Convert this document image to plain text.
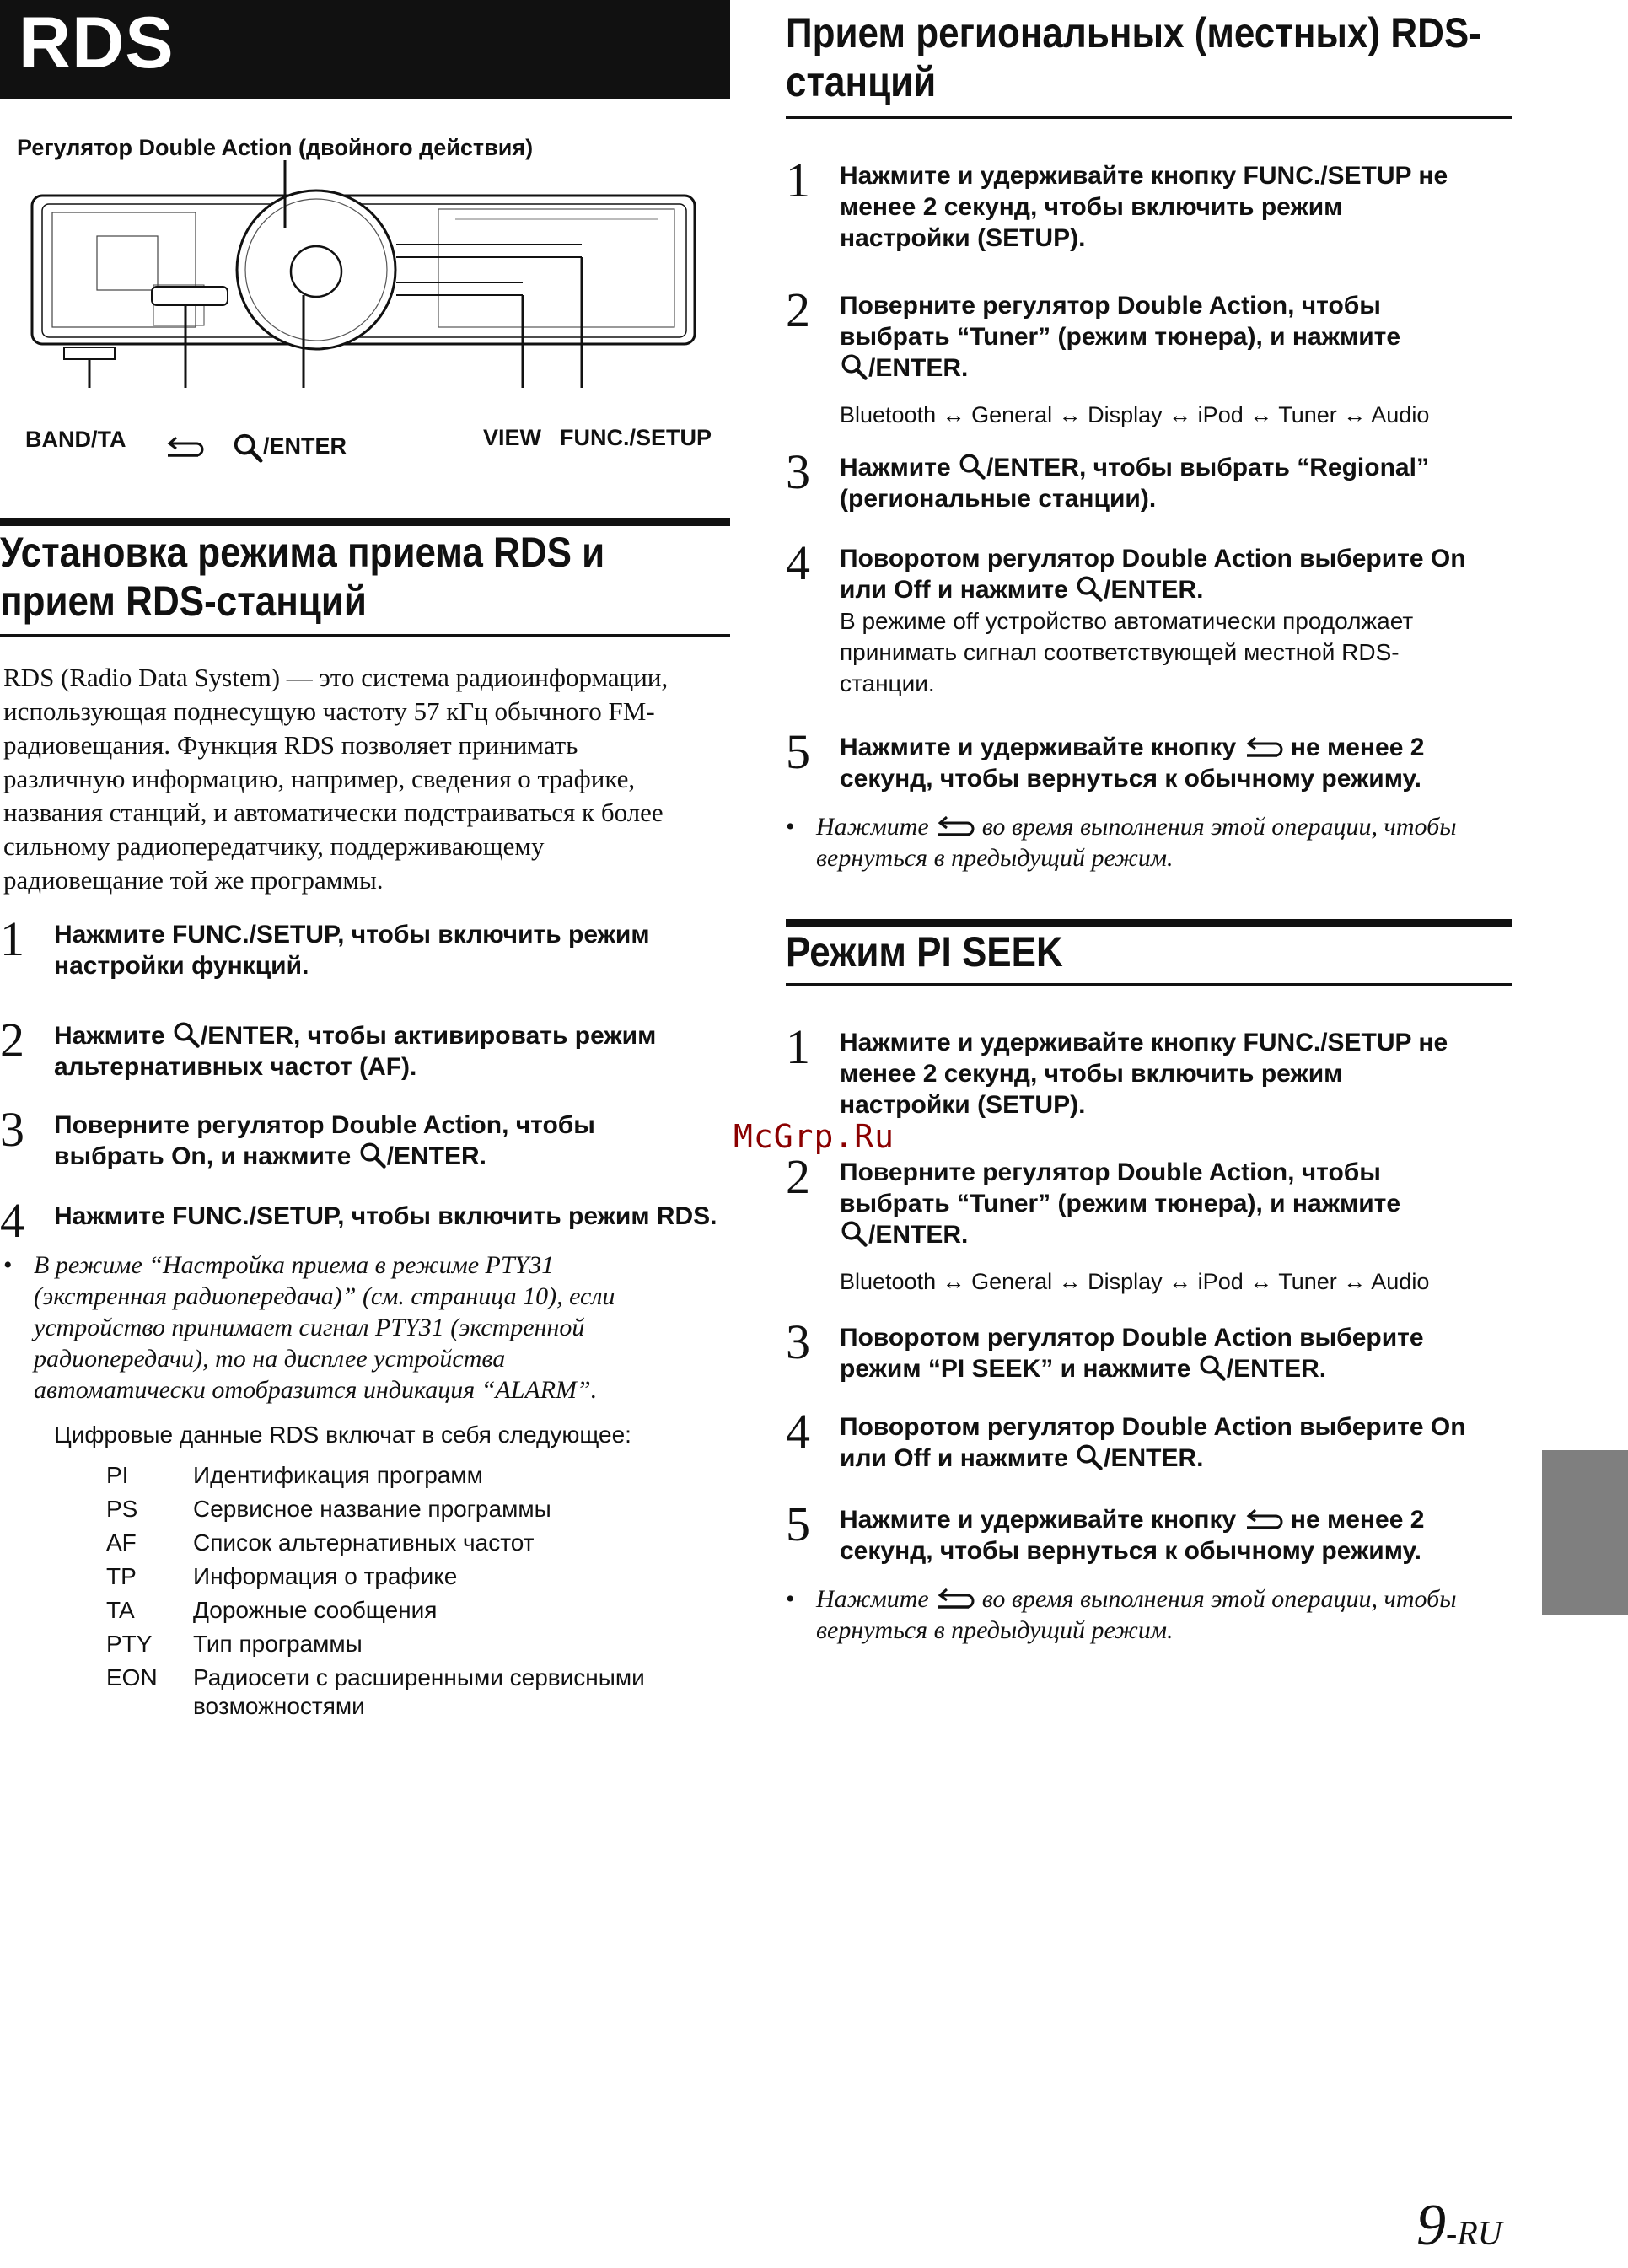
RDS
Регулятор Double Action (двойного действия)
BAND/TA	/ENTER	VIEW FUNC./SETUP
Установка режима приема RDS и
прием RDS-станций
RDS (Radio Data System) — это система радиоинформации,
использующая поднесущую частоту 57 кГц обычного FM-
радиовещания. Функция RDS позволяет принимать
различную информацию, например, сведения о трафике,
названия станций, и автоматически подстраиваться к более
сильному радиопередатчику, поддерживающему
радиовещание той же программы.
1	Нажмите FUNC./SETUP, чтобы включить режим
настройки функций.
2	Нажмите /ENTER, чтобы активировать режим
альтернативных частот (AF).
3	Поверните регулятор Double Action, чтобы
выбрать On, и нажмите /ENTER.
4	Нажмите FUNC./SETUP, чтобы включить режим RDS.
• В режиме “Настройка приема в режиме PTY31
(экстренная радиопередача)” (см. страница 10), если
устройство принимает сигнал PTY31 (экстренной
радиопередачи), то на дисплее устройства
автоматически отобразится индикация “ALARM”.
Цифровые данные RDS включат в себя следующее:
PI	Идентификация программ
PS	Сервисное название программы
AF	Список альтернативных частот
TP	Информация о трафике
TA	Дорожные сообщения
PTY	Тип программы
EON	Радиосети с расширенными сервисными
возможностями
Прием региональных (местных) RDS-
станций
1	Нажмите и удерживайте кнопку FUNC./SETUP не
менее 2 секунд, чтобы включить режим
настройки (SETUP).
2	Поверните регулятор Double Action, чтобы
выбрать “Tuner” (режим тюнера), и нажмите
/ENTER.
Bluetooth ↔ General ↔ Display ↔ iPod ↔ Tuner ↔ Audio
3	Нажмите /ENTER, чтобы выбрать “Regional”
(региональные станции).
4	Поворотом регулятор Double Action выберите On
или Off и нажмите /ENTER.
В режиме off устройство автоматически продолжает
принимать сигнал соответствующей местной RDS-
станции.
5	Нажмите и удерживайте кнопку  не менее 2
секунд, чтобы вернуться к обычному режиму.
• Нажмите  во время выполнения этой операции, чтобы
вернуться в предыдущий режим.
Режим PI SEEK
1	Нажмите и удерживайте кнопку FUNC./SETUP не
менее 2 секунд, чтобы включить режим
настройки (SETUP).
2	Поверните регулятор Double Action, чтобы
выбрать “Tuner” (режим тюнера), и нажмите
/ENTER.
Bluetooth ↔ General ↔ Display ↔ iPod ↔ Tuner ↔ Audio
3	Поворотом регулятор Double Action выберите
режим “PI SEEK” и нажмите /ENTER.
4	Поворотом регулятор Double Action выберите On
или Off и нажмите /ENTER.
5	Нажмите и удерживайте кнопку  не менее 2
секунд, чтобы вернуться к обычному режиму.
• Нажмите  во время выполнения этой операции, чтобы
вернуться в предыдущий режим.
McGrp.Ru
9-RU
